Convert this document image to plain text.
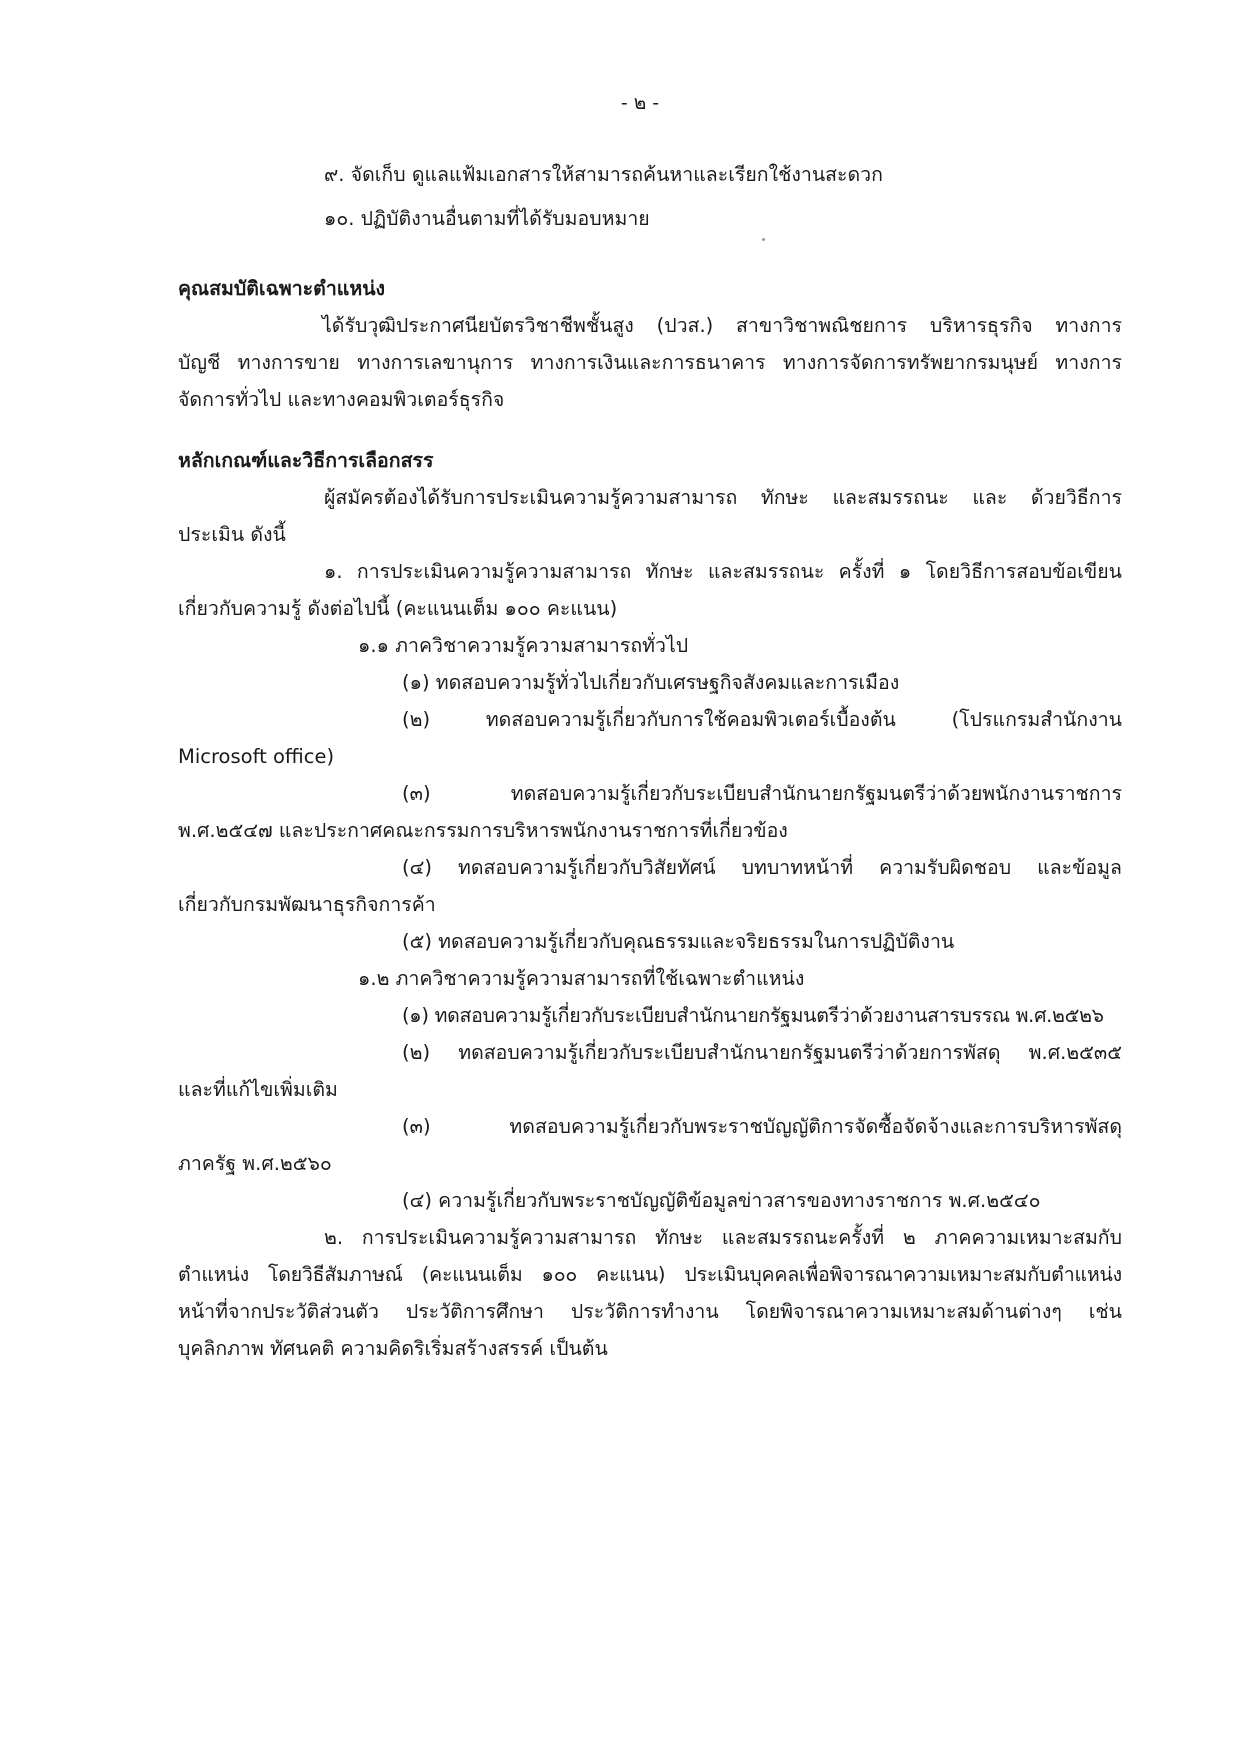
- ๒ -
๙. จัดเก็บ ดูแลแฟ้มเอกสารให้สามารถค้นหาและเรียกใช้งานสะดวก
๑๐. ปฏิบัติงานอื่นตามที่ได้รับมอบหมาย
คุณสมบัติเฉพาะตำแหน่ง
ได้รับวุฒิประกาศนียบัตรวิชาชีพชั้นสูง (ปวส.) สาขาวิชาพณิชยการ บริหารธุรกิจ ทางการ
บัญชี ทางการขาย ทางการเลขานุการ ทางการเงินและการธนาคาร ทางการจัดการทรัพยากรมนุษย์ ทางการ
จัดการทั่วไป และทางคอมพิวเตอร์ธุรกิจ
หลักเกณฑ์และวิธีการเลือกสรร
ผู้สมัครต้องได้รับการประเมินความรู้ความสามารถ ทักษะ และสมรรถนะ และ ด้วยวิธีการ
ประเมิน ดังนี้
๑. การประเมินความรู้ความสามารถ ทักษะ และสมรรถนะ ครั้งที่ ๑ โดยวิธีการสอบข้อเขียน
เกี่ยวกับความรู้ ดังต่อไปนี้ (คะแนนเต็ม ๑๐๐ คะแนน)
๑.๑ ภาควิชาความรู้ความสามารถทั่วไป
(๑) ทดสอบความรู้ทั่วไปเกี่ยวกับเศรษฐกิจสังคมและการเมือง
(๒) ทดสอบความรู้เกี่ยวกับการใช้คอมพิวเตอร์เบื้องต้น (โปรแกรมสำนักงาน
Microsoft office)
(๓) ทดสอบความรู้เกี่ยวกับระเบียบสำนักนายกรัฐมนตรีว่าด้วยพนักงานราชการ
พ.ศ.๒๕๔๗ และประกาศคณะกรรมการบริหารพนักงานราชการที่เกี่ยวข้อง
(๔) ทดสอบความรู้เกี่ยวกับวิสัยทัศน์ บทบาทหน้าที่ ความรับผิดชอบ และข้อมูล
เกี่ยวกับกรมพัฒนาธุรกิจการค้า
(๕) ทดสอบความรู้เกี่ยวกับคุณธรรมและจริยธรรมในการปฏิบัติงาน
๑.๒ ภาควิชาความรู้ความสามารถที่ใช้เฉพาะตำแหน่ง
(๑) ทดสอบความรู้เกี่ยวกับระเบียบสำนักนายกรัฐมนตรีว่าด้วยงานสารบรรณ พ.ศ.๒๕๒๖
(๒) ทดสอบความรู้เกี่ยวกับระเบียบสำนักนายกรัฐมนตรีว่าด้วยการพัสดุ พ.ศ.๒๕๓๕
และที่แก้ไขเพิ่มเติม
(๓) ทดสอบความรู้เกี่ยวกับพระราชบัญญัติการจัดซื้อจัดจ้างและการบริหารพัสดุ
ภาครัฐ พ.ศ.๒๕๖๐
(๔) ความรู้เกี่ยวกับพระราชบัญญัติข้อมูลข่าวสารของทางราชการ พ.ศ.๒๕๔๐
๒. การประเมินความรู้ความสามารถ ทักษะ และสมรรถนะครั้งที่ ๒ ภาคความเหมาะสมกับ
ตำแหน่ง โดยวิธีสัมภาษณ์ (คะแนนเต็ม ๑๐๐ คะแนน) ประเมินบุคคลเพื่อพิจารณาความเหมาะสมกับตำแหน่ง
หน้าที่จากประวัติส่วนตัว ประวัติการศึกษา ประวัติการทำงาน โดยพิจารณาความเหมาะสมด้านต่างๆ เช่น
บุคลิกภาพ ทัศนคติ ความคิดริเริ่มสร้างสรรค์ เป็นต้น
